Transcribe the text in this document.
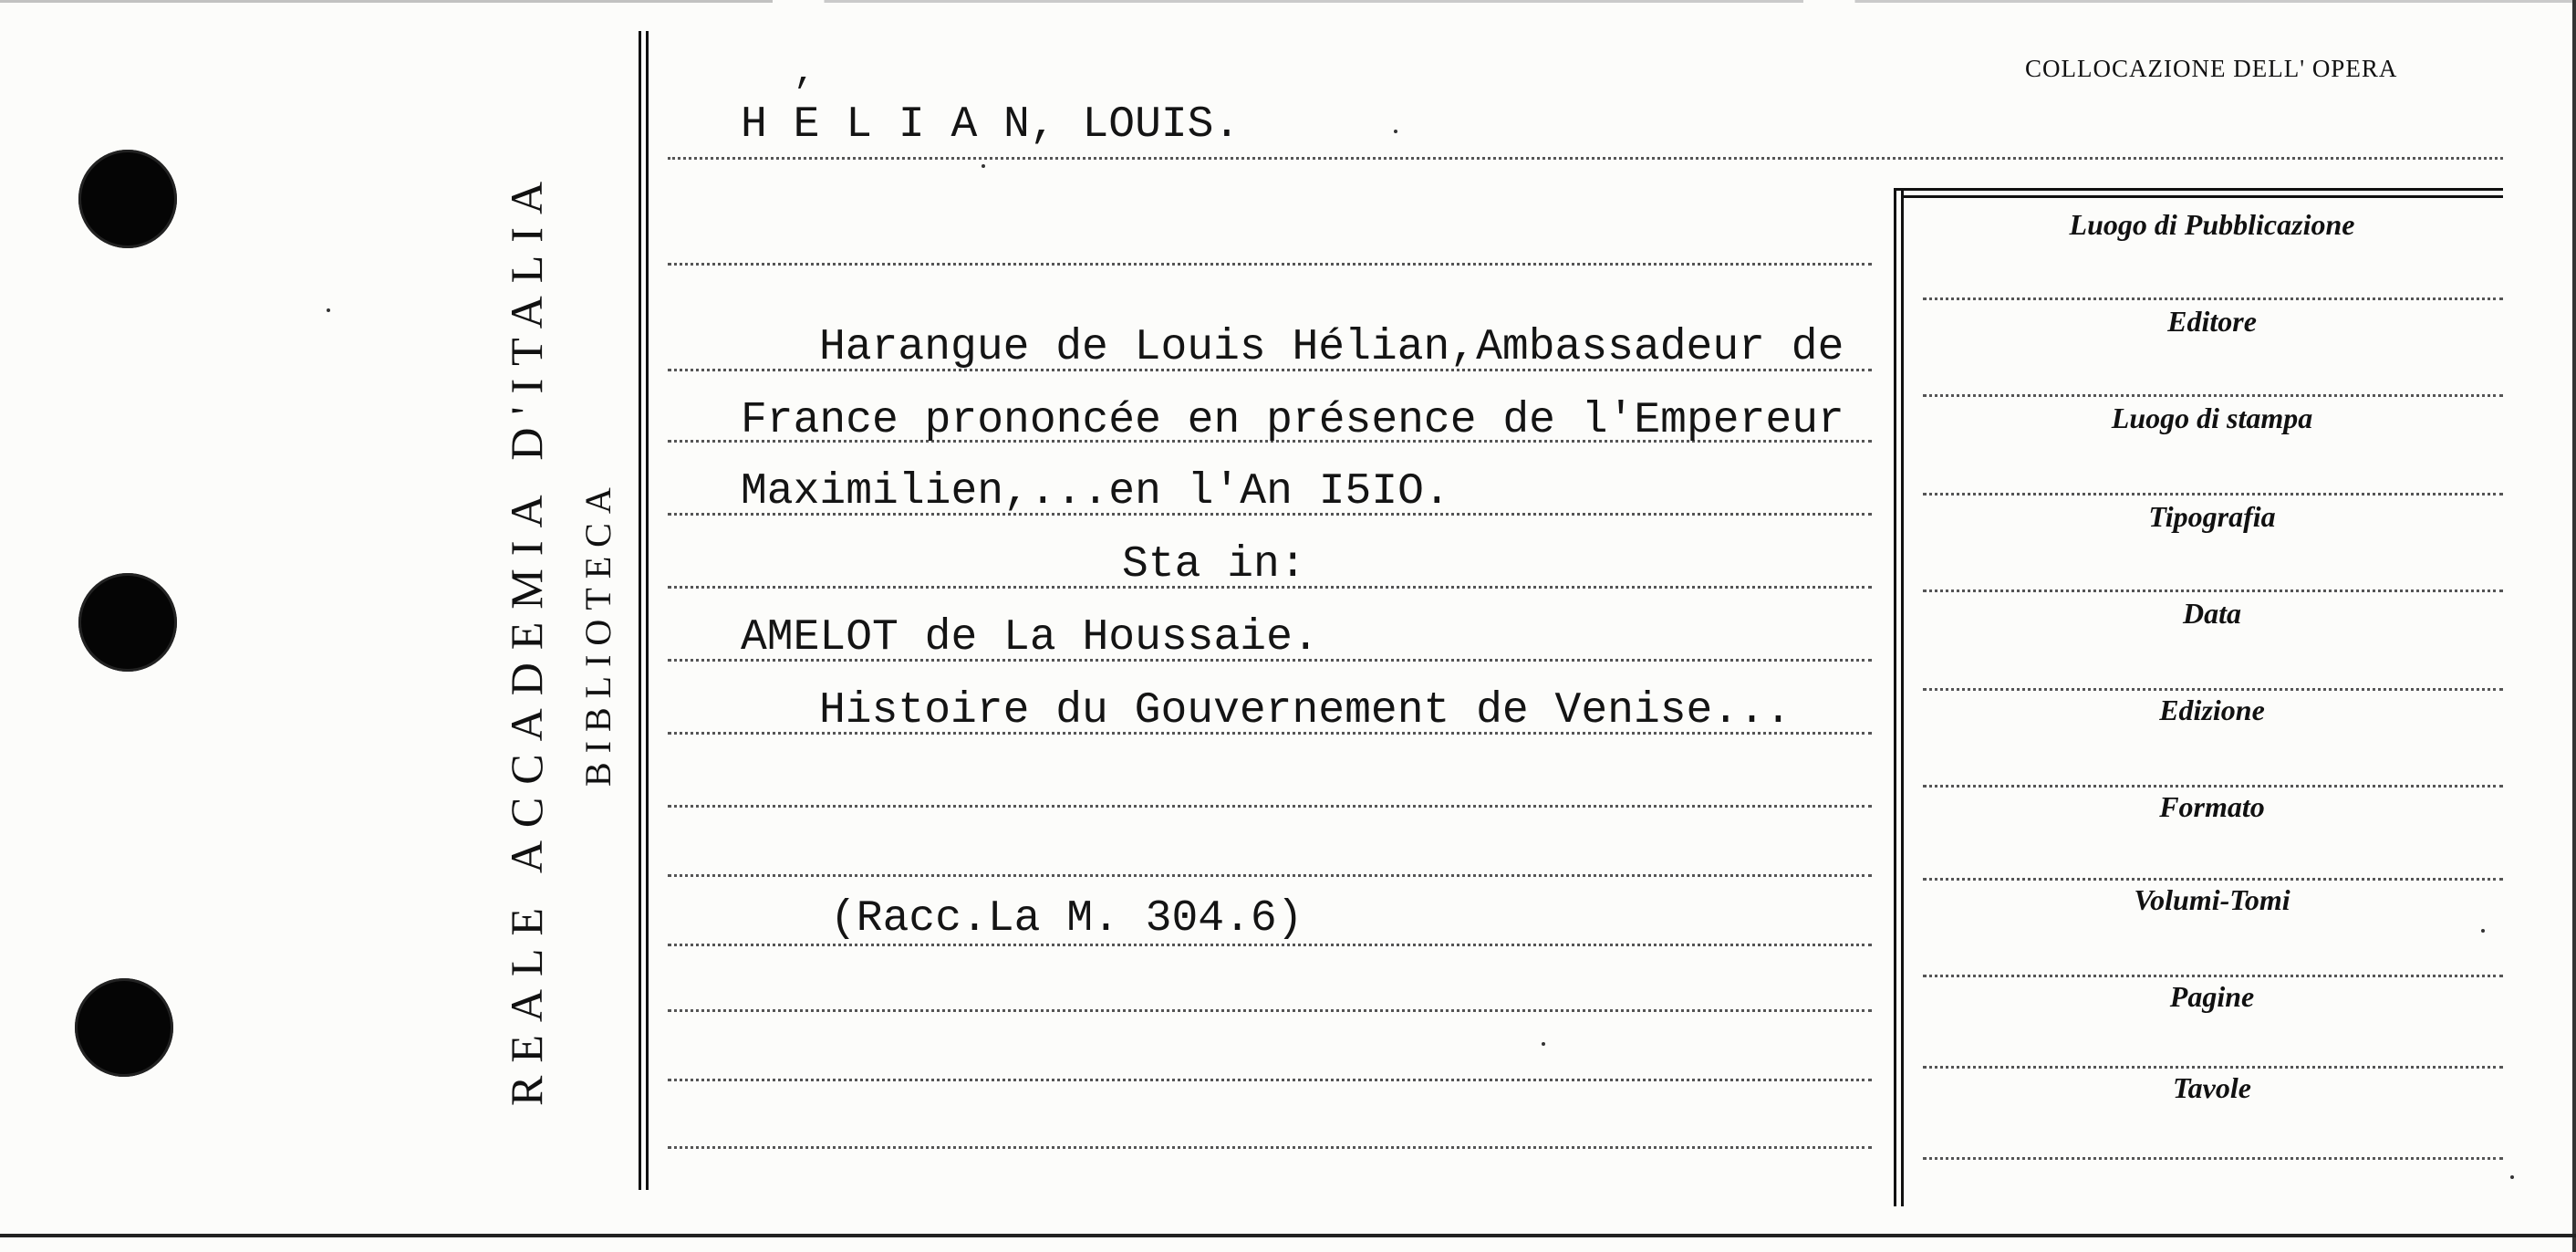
REALE ACCADEMIA D'ITALIA BIBLIOTECA
COLLOCAZIONE DELL' OPERA
Luogo di Pubblicazione
Editore
Luogo di stampa
Tipografia
Data
Edizione
Formato
Volumi-Tomi
Pagine
Tavole
,
H E L I A N, LOUIS.
Harangue de Louis Hélian,Ambassadeur de
France prononcée en présence de l'Empereur
Maximilien,...en l'An I5IO.
Sta in:
AMELOT de La Houssaie.
Histoire du Gouvernement de Venise...
(Racc.La M. 304.6)
